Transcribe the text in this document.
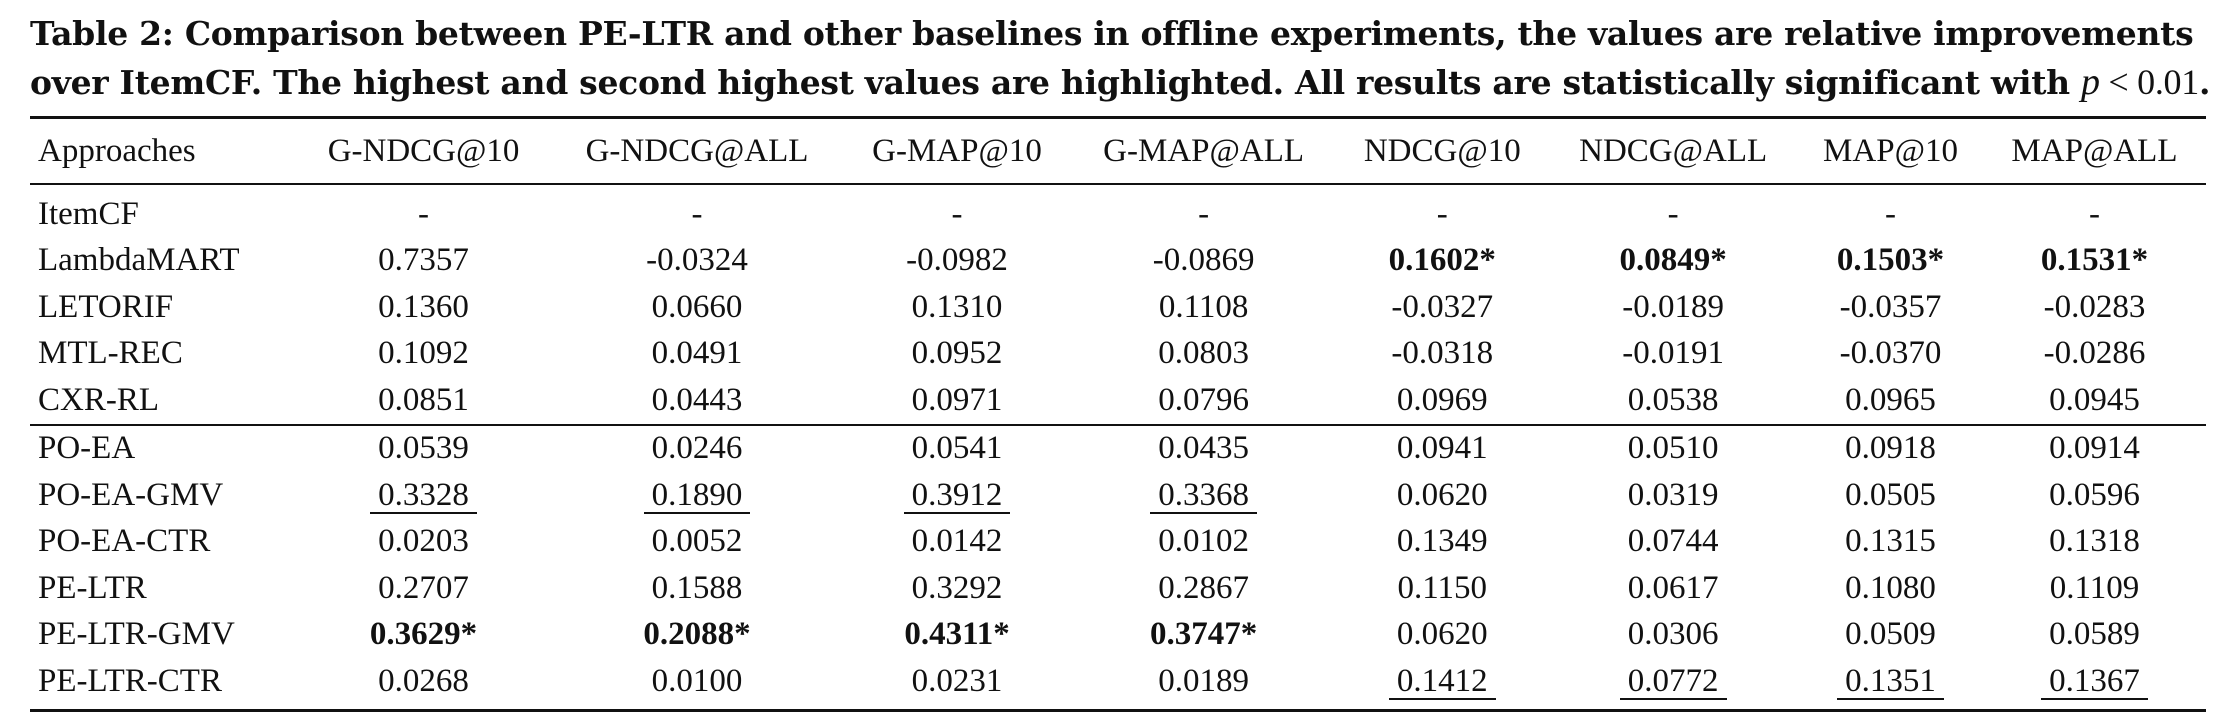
Table 2: Comparison between PE-LTR and other baselines in offline experiments, the values are relative improvements over ItemCF. The highest and second highest values are highlighted. All results are statistically significant with p < 0.01.
Approaches	G-NDCG@10	G-NDCG@ALL	G-MAP@10	G-MAP@ALL	NDCG@10	NDCG@ALL	MAP@10	MAP@ALL
ItemCF	-	-	-	-	-	-	-	-
LambdaMART	0.7357	-0.0324	-0.0982	-0.0869	0.1602*	0.0849*	0.1503*	0.1531*
LETORIF	0.1360	0.0660	0.1310	0.1108	-0.0327	-0.0189	-0.0357	-0.0283
MTL-REC	0.1092	0.0491	0.0952	0.0803	-0.0318	-0.0191	-0.0370	-0.0286
CXR-RL	0.0851	0.0443	0.0971	0.0796	0.0969	0.0538	0.0965	0.0945
PO-EA	0.0539	0.0246	0.0541	0.0435	0.0941	0.0510	0.0918	0.0914
PO-EA-GMV	0.3328	0.1890	0.3912	0.3368	0.0620	0.0319	0.0505	0.0596
PO-EA-CTR	0.0203	0.0052	0.0142	0.0102	0.1349	0.0744	0.1315	0.1318
PE-LTR	0.2707	0.1588	0.3292	0.2867	0.1150	0.0617	0.1080	0.1109
PE-LTR-GMV	0.3629*	0.2088*	0.4311*	0.3747*	0.0620	0.0306	0.0509	0.0589
PE-LTR-CTR	0.0268	0.0100	0.0231	0.0189	0.1412	0.0772	0.1351	0.1367
